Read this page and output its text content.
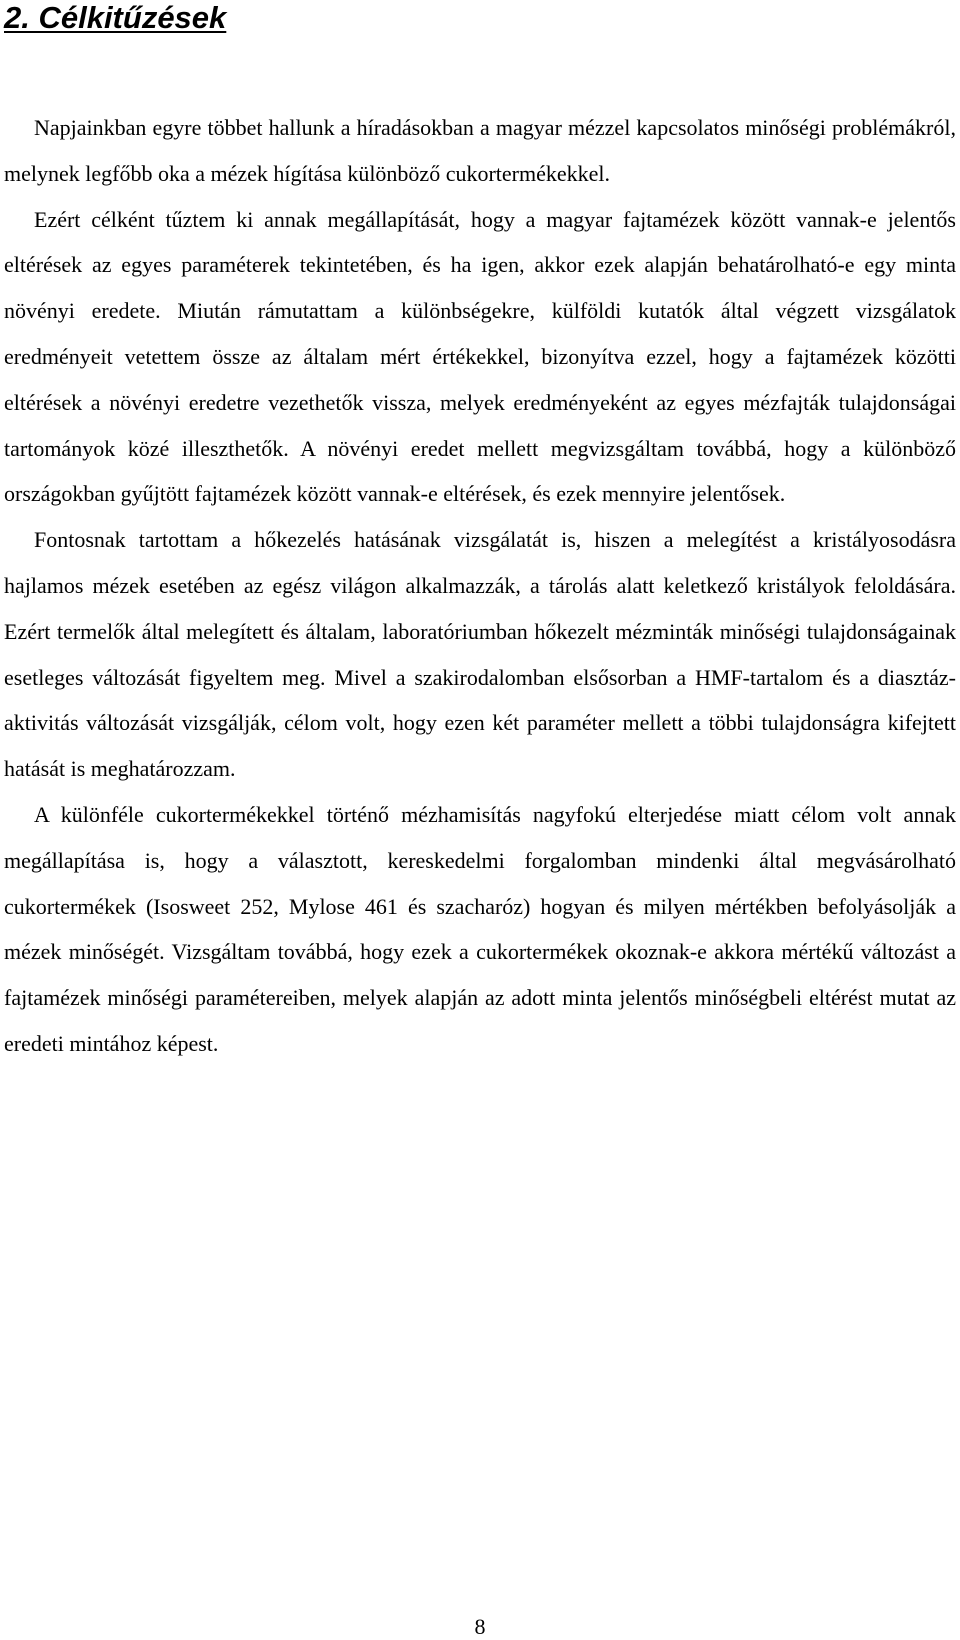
2. Célkitűzések

Napjainkban egyre többet hallunk a híradásokban a magyar mézzel kapcsolatos minőségi problémákról, melynek legfőbb oka a mézek hígítása különböző cukortermékekkel.

Ezért célként tűztem ki annak megállapítását, hogy a magyar fajtamézek között vannak-e jelentős eltérések az egyes paraméterek tekintetében, és ha igen, akkor ezek alapján behatárolható-e egy minta növényi eredete. Miután rámutattam a különbségekre, külföldi kutatók által végzett vizsgálatok eredményeit vetettem össze az általam mért értékekkel, bizonyítva ezzel, hogy a fajtamézek közötti eltérések a növényi eredetre vezethetők vissza, melyek eredményeként az egyes mézfajták tulajdonságai tartományok közé illeszthetők. A növényi eredet mellett megvizsgáltam továbbá, hogy a különböző országokban gyűjtött fajtamézek között vannak-e eltérések, és ezek mennyire jelentősek.

Fontosnak tartottam a hőkezelés hatásának vizsgálatát is, hiszen a melegítést a kristályosodásra hajlamos mézek esetében az egész világon alkalmazzák, a tárolás alatt keletkező kristályok feloldására. Ezért termelők által melegített és általam, laboratóriumban hőkezelt mézminták minőségi tulajdonságainak esetleges változását figyeltem meg. Mivel a szakirodalomban elsősorban a HMF-tartalom és a diasztáz-aktivitás változását vizsgálják, célom volt, hogy ezen két paraméter mellett a többi tulajdonságra kifejtett hatását is meghatározzam.

A különféle cukortermékekkel történő mézhamisítás nagyfokú elterjedése miatt célom volt annak megállapítása is, hogy a választott, kereskedelmi forgalomban mindenki által megvásárolható cukortermékek (Isosweet 252, Mylose 461 és szacharóz) hogyan és milyen mértékben befolyásolják a mézek minőségét. Vizsgáltam továbbá, hogy ezek a cukortermékek okoznak-e akkora mértékű változást a fajtamézek minőségi paramétereiben, melyek alapján az adott minta jelentős minőségbeli eltérést mutat az eredeti mintához képest.

8
